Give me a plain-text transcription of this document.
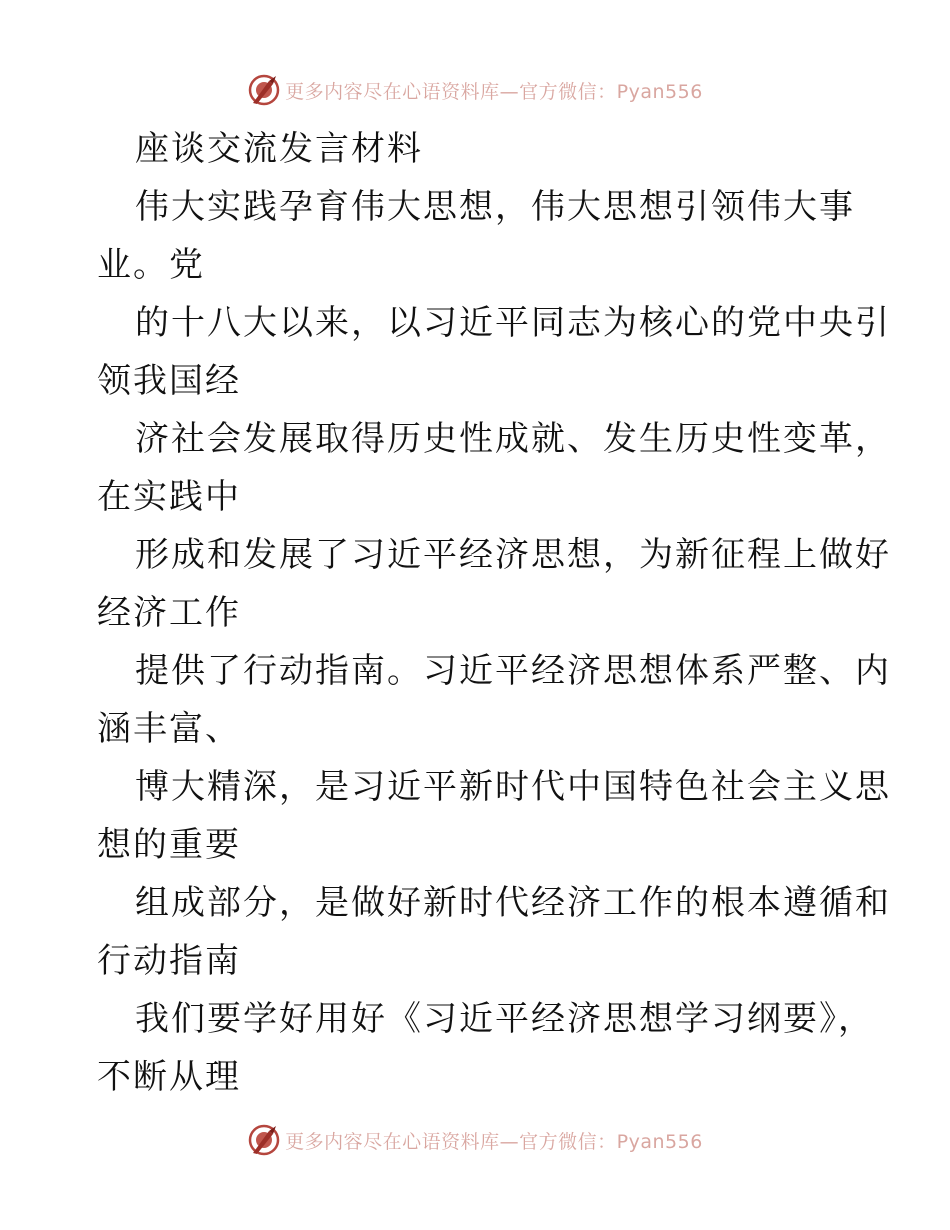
更多内容尽在心语资料库—官方微信：Pyan556
座谈交流发言材料
伟大实践孕育伟大思想，伟大思想引领伟大事
业。党
的十八大以来，以习近平同志为核心的党中央引
领我国经
济社会发展取得历史性成就、发生历史性变革，
在实践中
形成和发展了习近平经济思想，为新征程上做好
经济工作
提供了行动指南。习近平经济思想体系严整、内
涵丰富、
博大精深，是习近平新时代中国特色社会主义思
想的重要
组成部分，是做好新时代经济工作的根本遵循和
行动指南
我们要学好用好《习近平经济思想学习纲要》，
不断从理
更多内容尽在心语资料库—官方微信：Pyan556
